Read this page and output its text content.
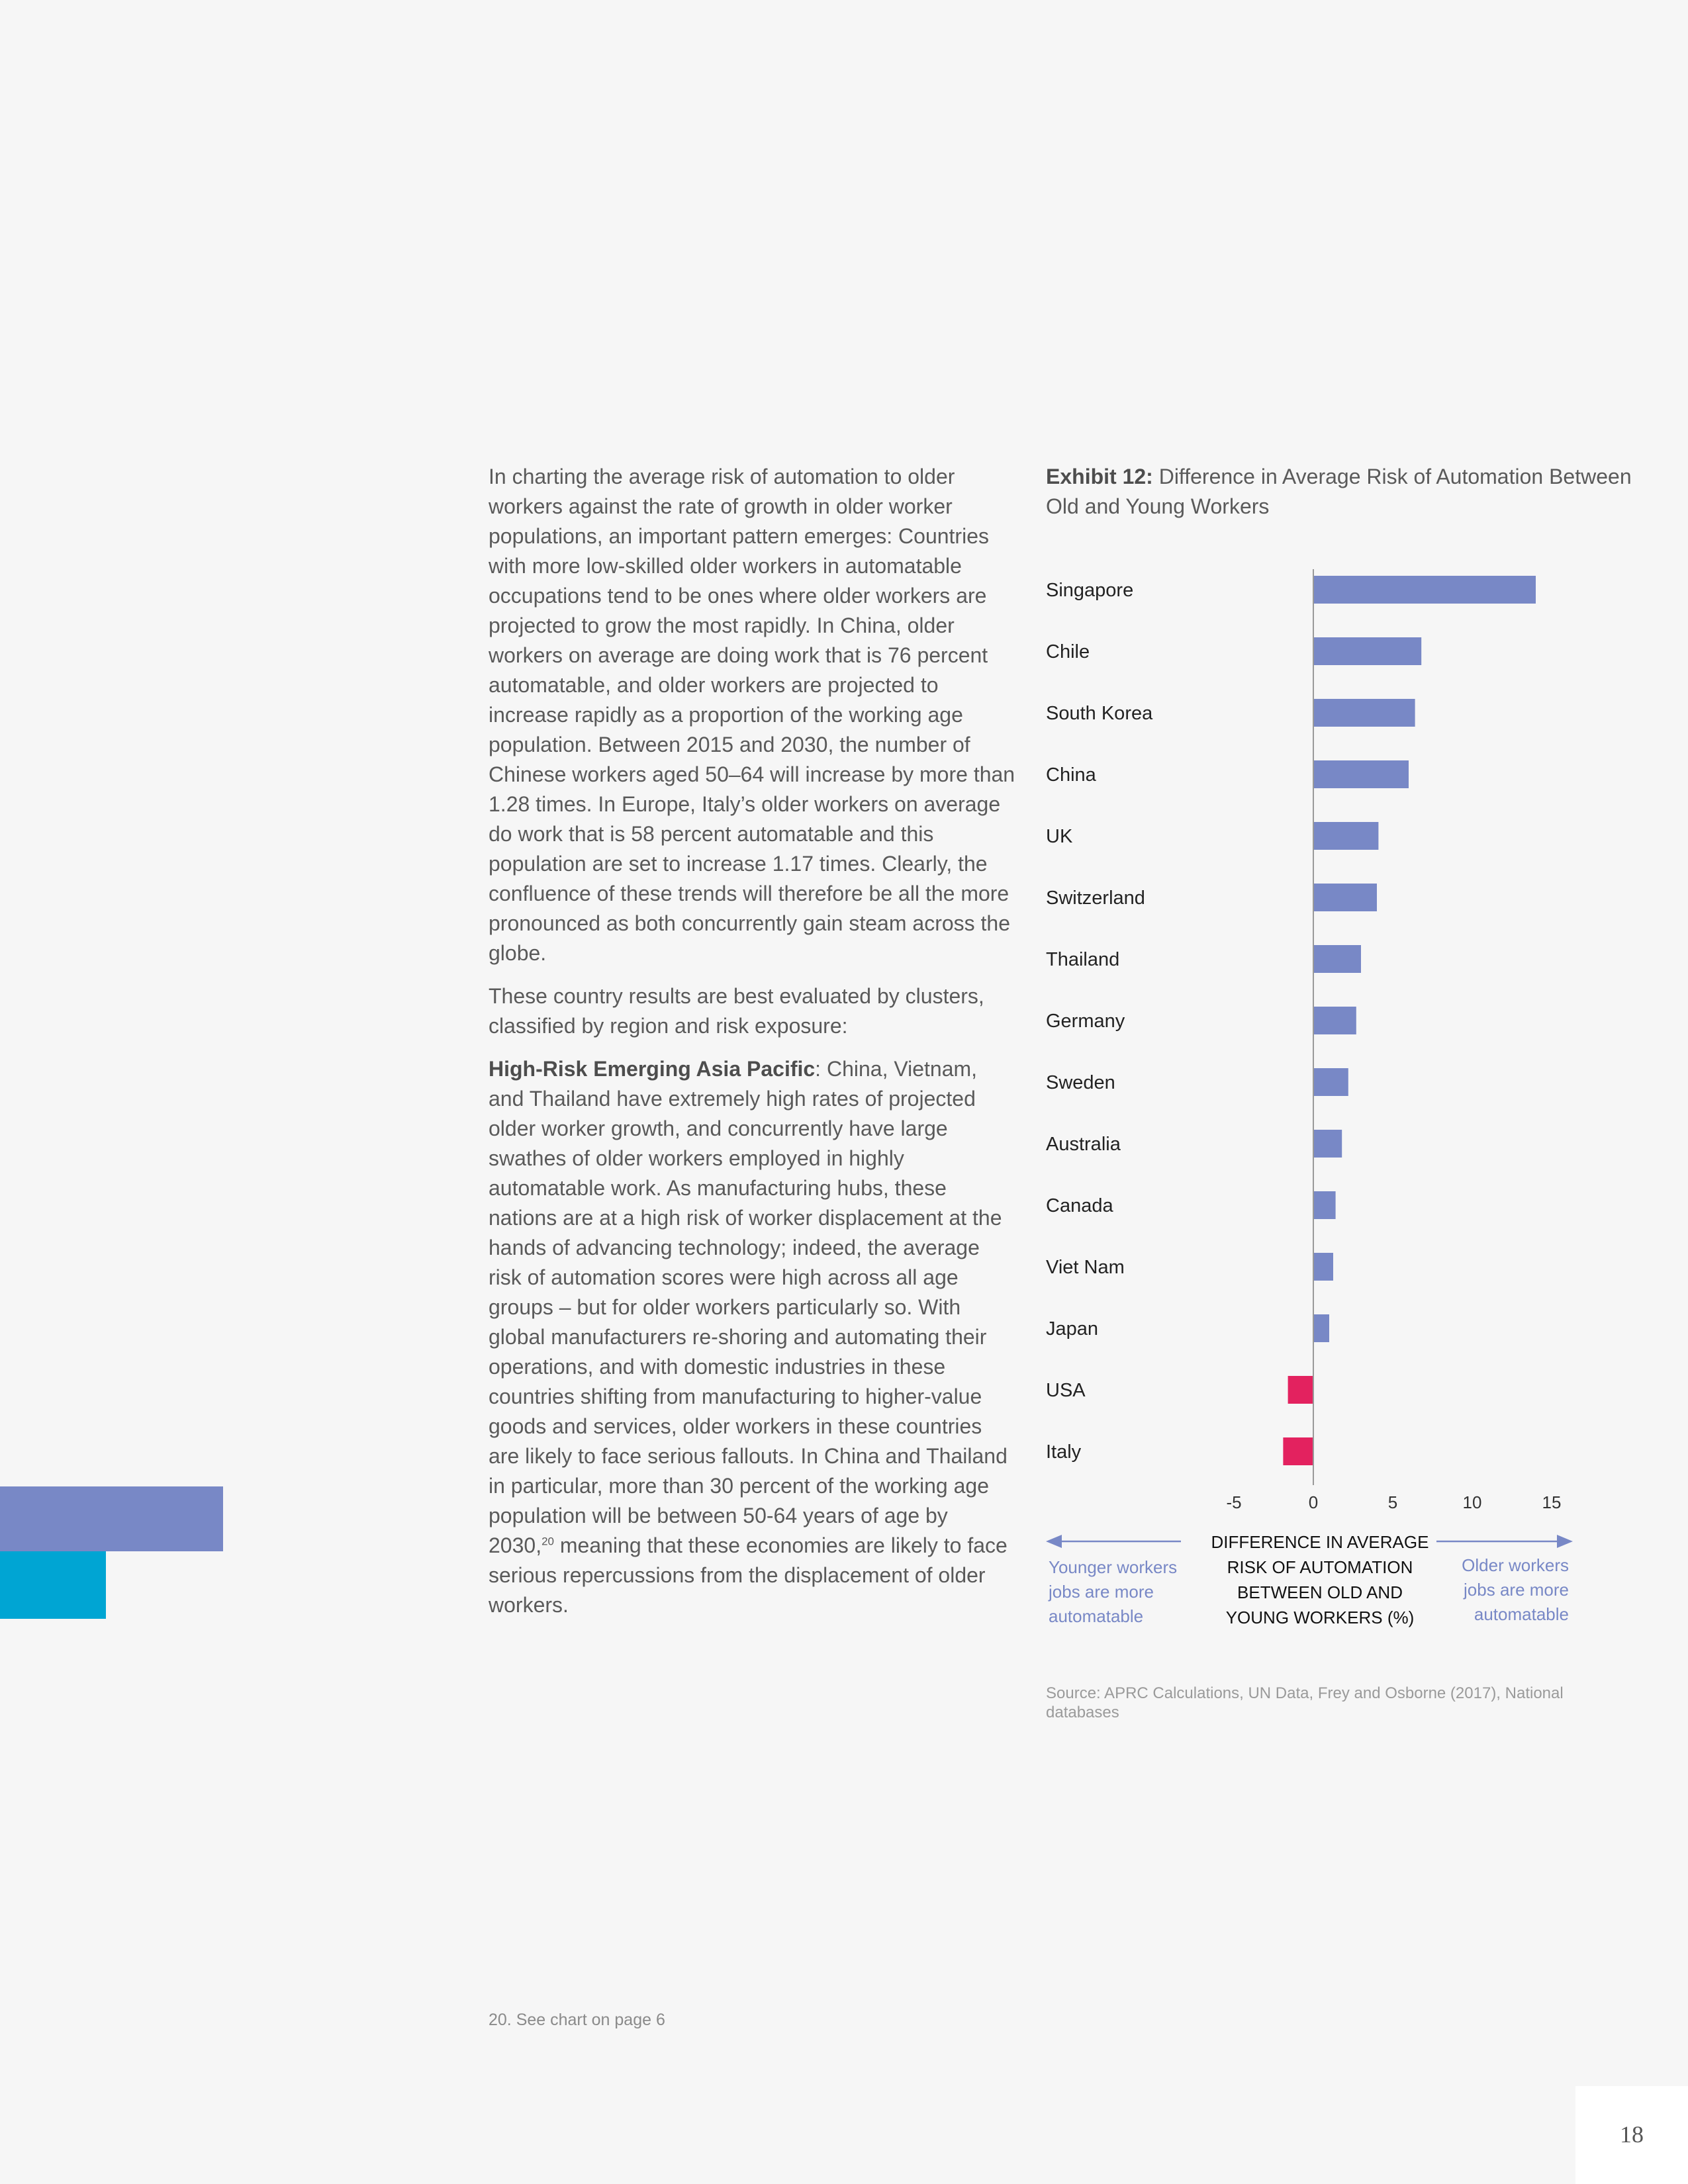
In charting the average risk of automation to older workers against the rate of growth in older worker populations, an important pattern emerges: Countries with more low-skilled older workers in automatable occupations tend to be ones where older workers are projected to grow the most rapidly. In China, older workers on average are doing work that is 76 percent automatable, and older workers are projected to increase rapidly as a proportion of the working age population. Between 2015 and 2030, the number of Chinese workers aged 50–64 will increase by more than 1.28 times. In Europe, Italy’s older workers on average do work that is 58 percent automatable and this population are set to increase 1.17 times. Clearly, the confluence of these trends will therefore be all the more pronounced as both concurrently gain steam across the globe.

These country results are best evaluated by clusters, classified by region and risk exposure:

High-Risk Emerging Asia Pacific: China, Vietnam, and Thailand have extremely high rates of projected older worker growth, and concurrently have large swathes of older workers employed in highly automatable work. As manufacturing hubs, these nations are at a high risk of worker displacement at the hands of advancing technology; indeed, the average risk of automation scores were high across all age groups – but for older workers particularly so. With global manufacturers re-shoring and automating their operations, and with domestic industries in these countries shifting from manufacturing to higher-value goods and services, older workers in these countries are likely to face serious fallouts. In China and Thailand in particular, more than 30 percent of the working age population will be between 50-64 years of age by 2030,20 meaning that these economies are likely to face serious repercussions from the displacement of older workers.

Exhibit 12: Difference in Average Risk of Automation Between Old and Young Workers
Singapore
Chile
South Korea
China
UK
Switzerland
Thailand
Germany
Sweden
Australia
Canada
Viet Nam
Japan
USA
Italy
-5	0	5	10	15
DIFFERENCE IN AVERAGE
RISK OF AUTOMATION
BETWEEN OLD AND
YOUNG WORKERS (%)
Younger workers
jobs are more
automatable
Older workers
jobs are more
automatable
Source: APRC Calculations, UN Data, Frey and Osborne (2017), National databases
20. See chart on page 6
18
